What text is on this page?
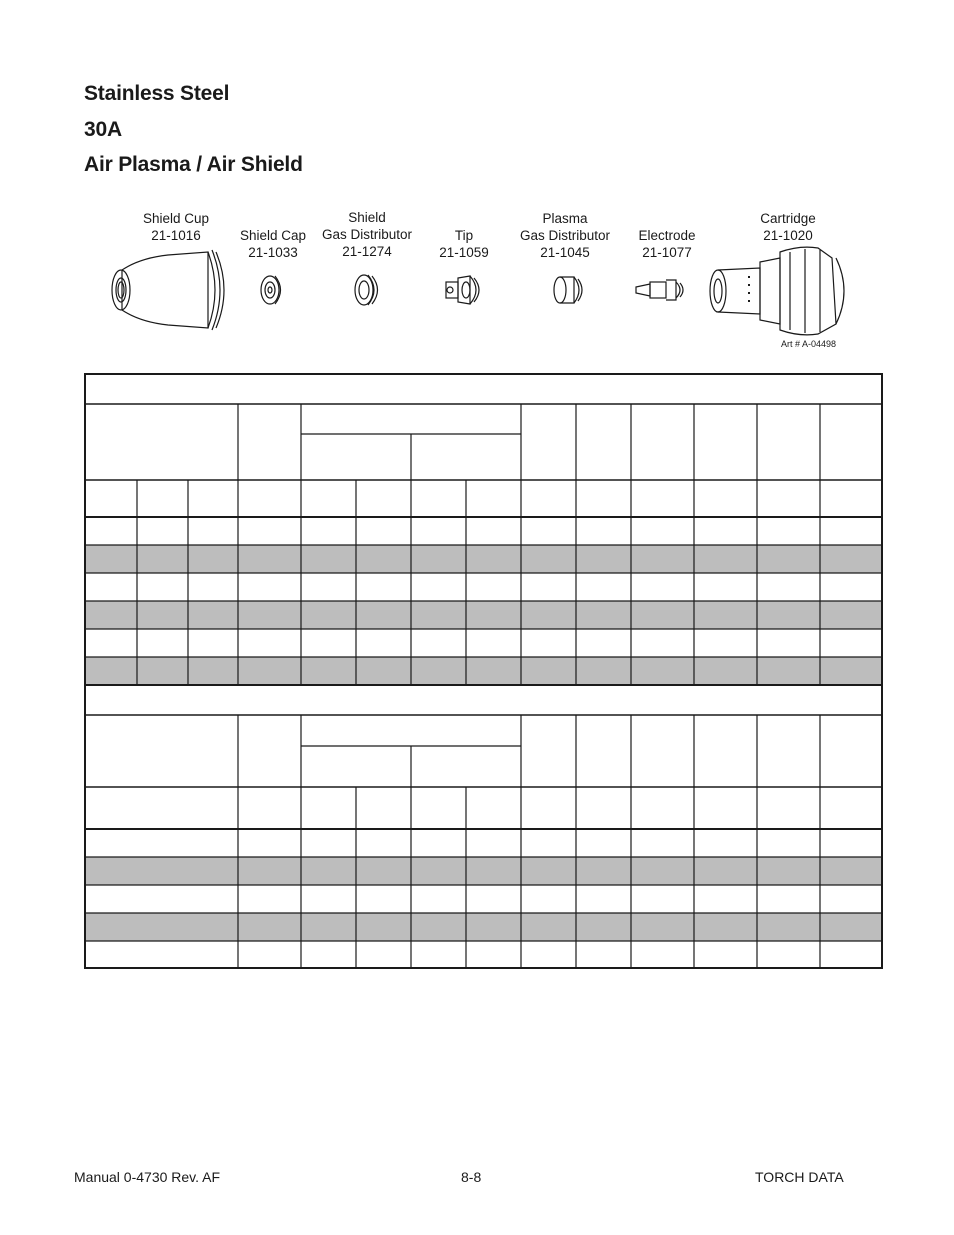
Stainless Steel
30A
Air Plasma / Air Shield
Shield Cup
21-1016	Shield Cap
21-1033
Shield
Gas Distributor
21-1274
Tip
21-1059
Plasma
Gas Distributor
21-1045
Electrode
21-1077
Cartridge
21-1020
Art # A-04498
Manual 0-4730 Rev. AF	8-8	TORCH DATA
